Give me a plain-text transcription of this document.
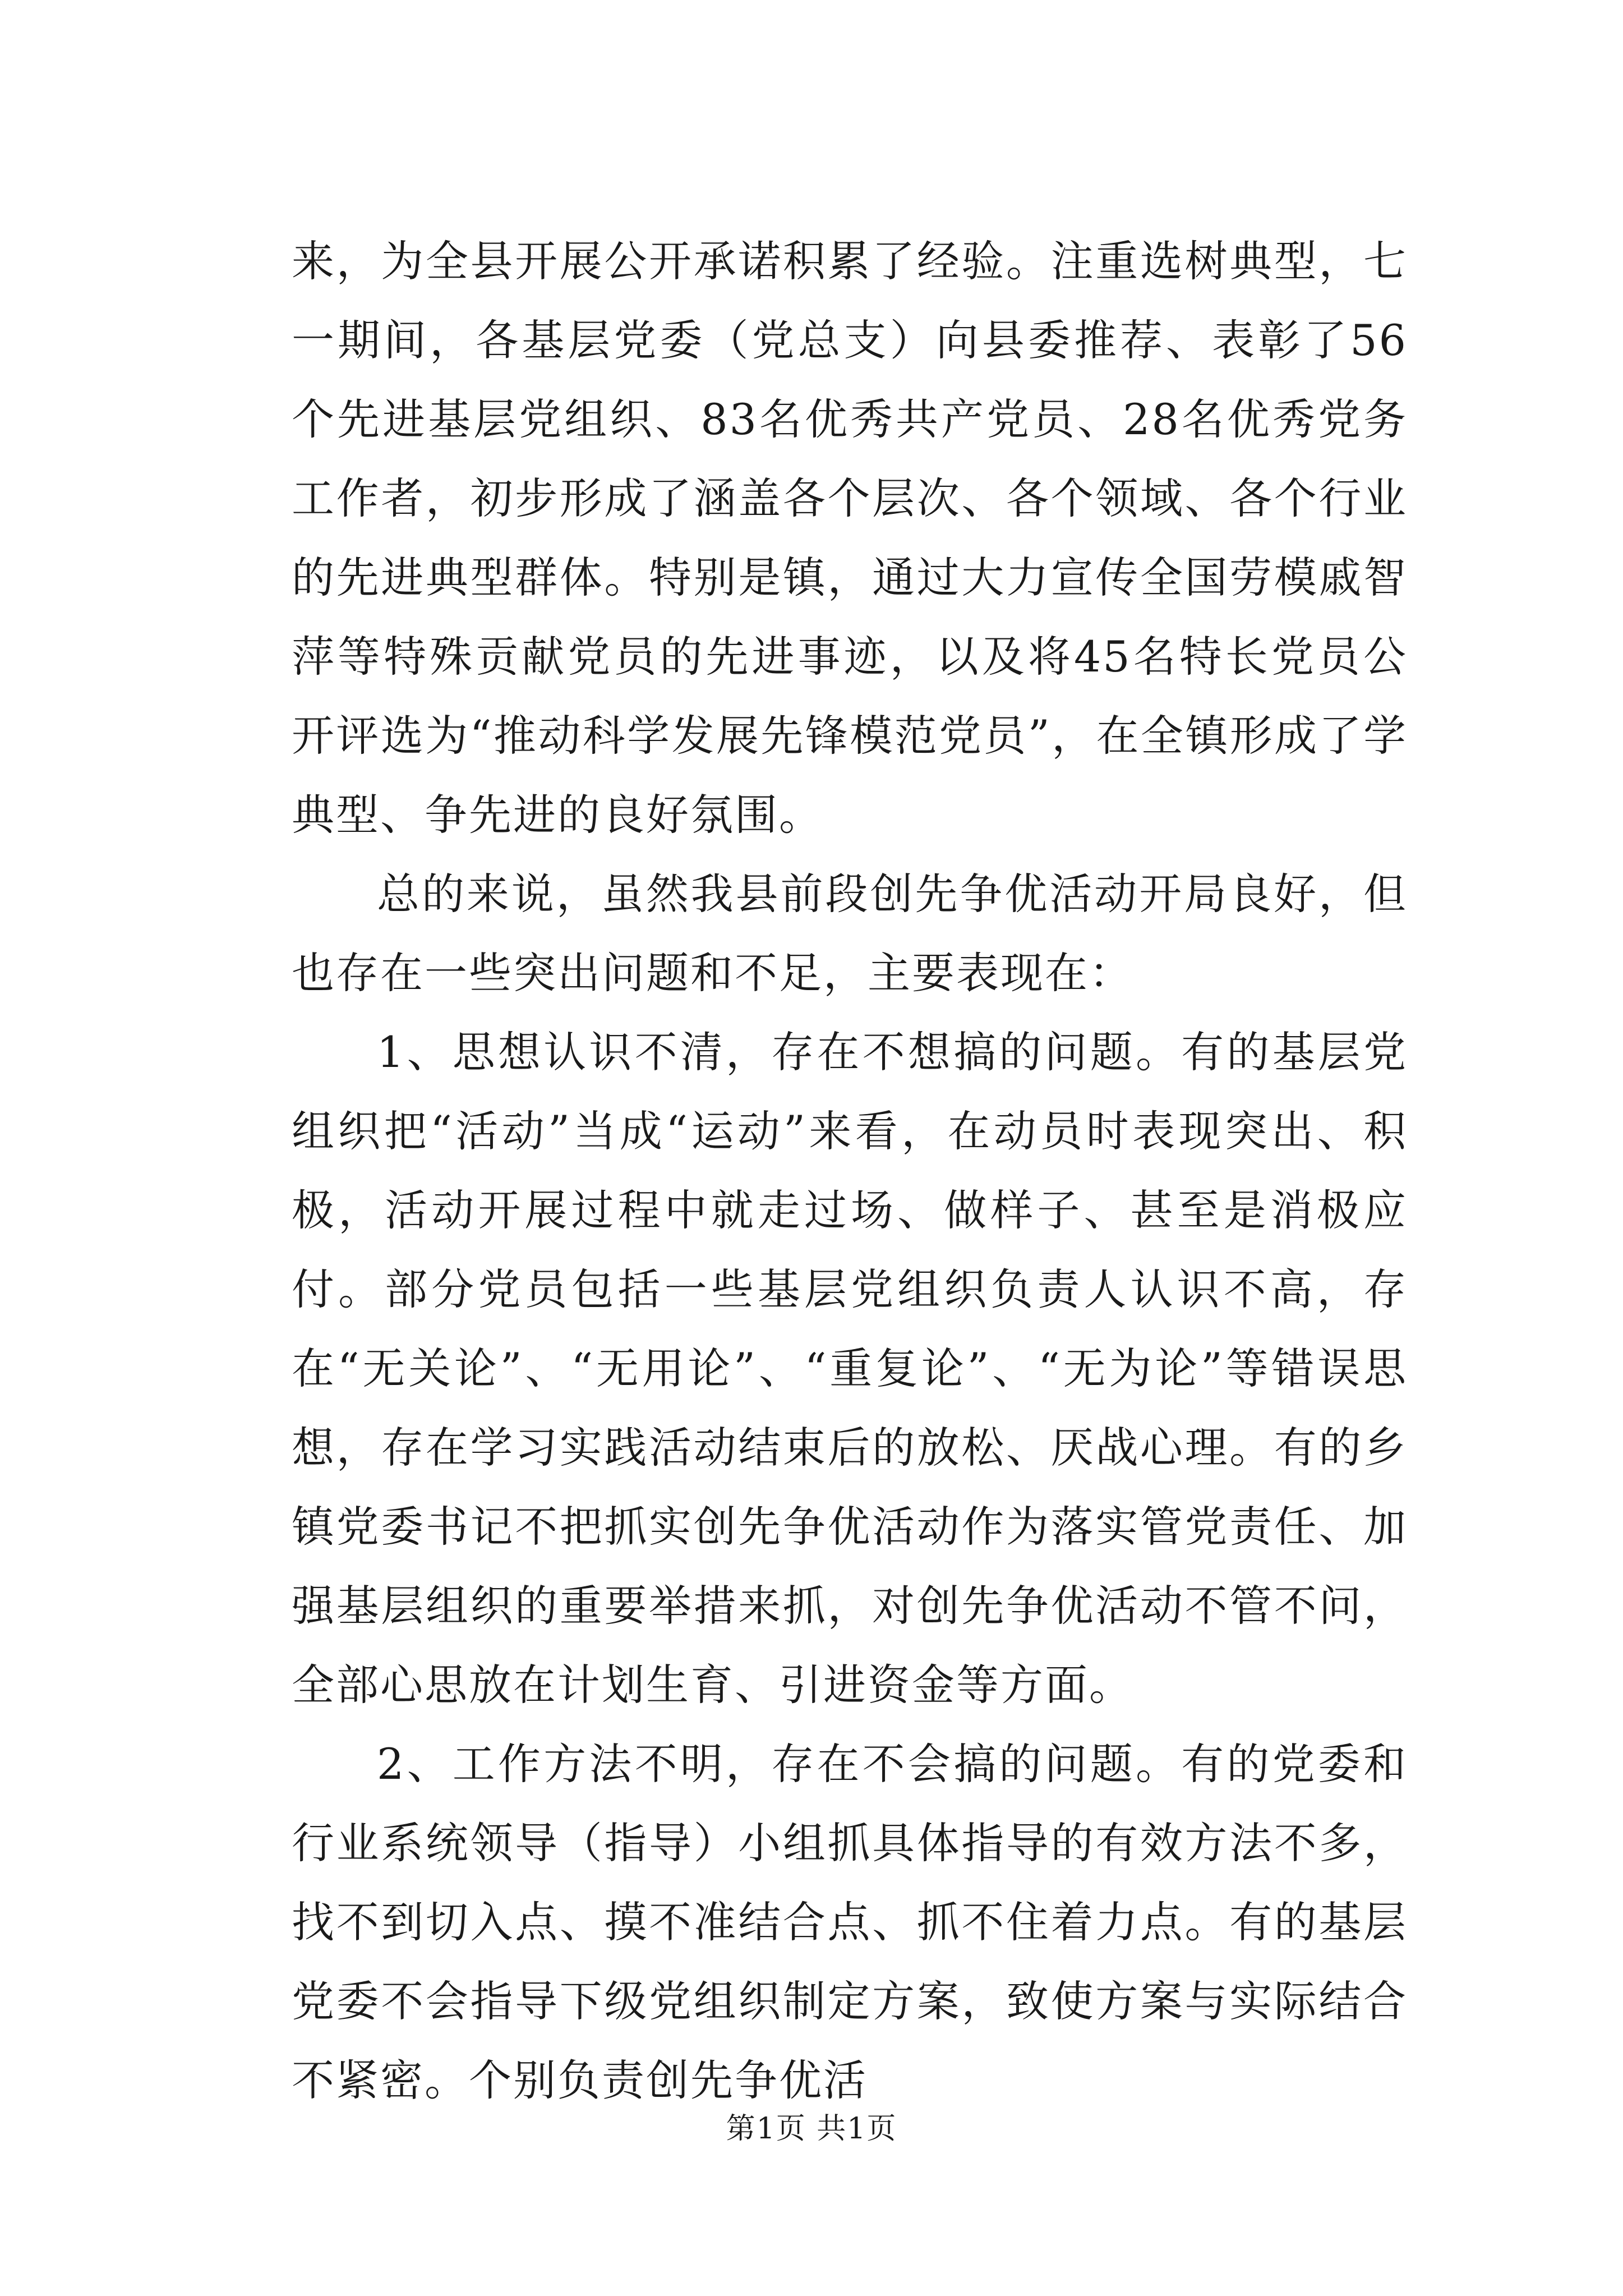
来，为全县开展公开承诺积累了经验。注重选树典型，七一期间，各基层党委（党总支）向县委推荐、表彰了56个先进基层党组织、83名优秀共产党员、28名优秀党务工作者，初步形成了涵盖各个层次、各个领域、各个行业的先进典型群体。特别是镇，通过大力宣传全国劳模戚智萍等特殊贡献党员的先进事迹，以及将45名特长党员公开评选为“推动科学发展先锋模范党员”，在全镇形成了学典型、争先进的良好氛围。

总的来说，虽然我县前段创先争优活动开局良好，但也存在一些突出问题和不足，主要表现在：

1、思想认识不清，存在不想搞的问题。有的基层党组织把“活动”当成“运动”来看，在动员时表现突出、积极，活动开展过程中就走过场、做样子、甚至是消极应付。部分党员包括一些基层党组织负责人认识不高，存在“无关论”、“无用论”、“重复论”、“无为论”等错误思想，存在学习实践活动结束后的放松、厌战心理。有的乡镇党委书记不把抓实创先争优活动作为落实管党责任、加强基层组织的重要举措来抓，对创先争优活动不管不问，全部心思放在计划生育、引进资金等方面。

2、工作方法不明，存在不会搞的问题。有的党委和行业系统领导（指导）小组抓具体指导的有效方法不多，找不到切入点、摸不准结合点、抓不住着力点。有的基层党委不会指导下级党组织制定方案，致使方案与实际结合不紧密。个别负责创先争优活

第1页 共1页
